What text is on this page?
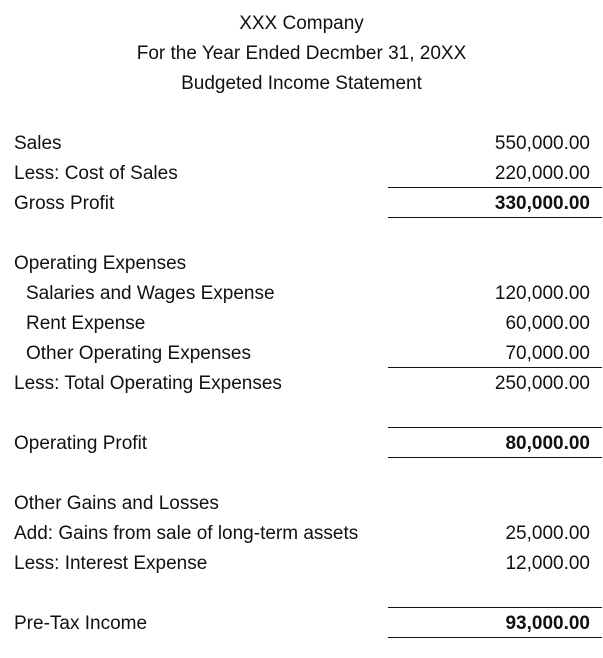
XXX Company
For the Year Ended Decmber 31, 20XX
Budgeted Income Statement
Sales	550,000.00
Less: Cost of Sales	220,000.00
Gross Profit	330,000.00
Operating Expenses
Salaries and Wages Expense	120,000.00
Rent Expense	60,000.00
Other Operating Expenses	70,000.00
Less: Total Operating Expenses	250,000.00
Operating Profit	80,000.00
Other Gains and Losses
Add: Gains from sale of long-term assets	25,000.00
Less: Interest Expense	12,000.00
Pre-Tax Income	93,000.00
